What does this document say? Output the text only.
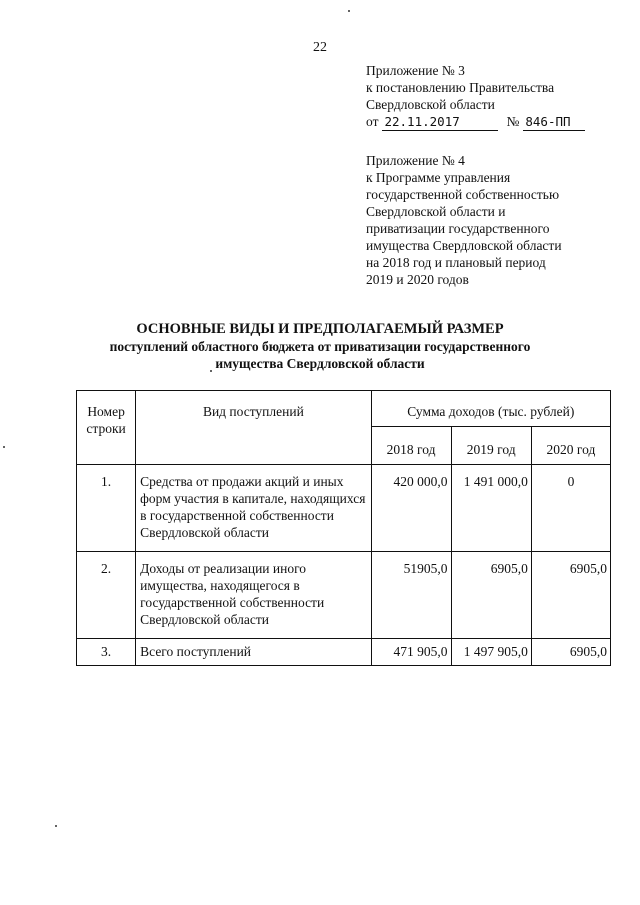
22
Приложение № 3
к постановлению Правительства
Свердловской области
от 22.11.2017	№ 846-ПП
Приложение № 4
к Программе управления
государственной собственностью
Свердловской области и
приватизации государственного
имущества Свердловской области
на 2018 год и плановый период
2019 и 2020 годов
ОСНОВНЫЕ ВИДЫ И ПРЕДПОЛАГАЕМЫЙ РАЗМЕР
поступлений областного бюджета от приватизации государственного
имущества Свердловской области
Номер
строки	Вид поступлений	Сумма доходов (тыс. рублей)		
		2018 год	2019 год	2020 год
1.	Средства от продажи акций и иных форм участия в капитале, находящихся в государственной собственности Свердловской области	420 000,0	1 491 000,0	0
2.	Доходы от реализации иного имущества, находящегося в государственной собственности Свердловской области	51905,0	6905,0	6905,0
3.	Всего поступлений	471 905,0	1 497 905,0	6905,0
